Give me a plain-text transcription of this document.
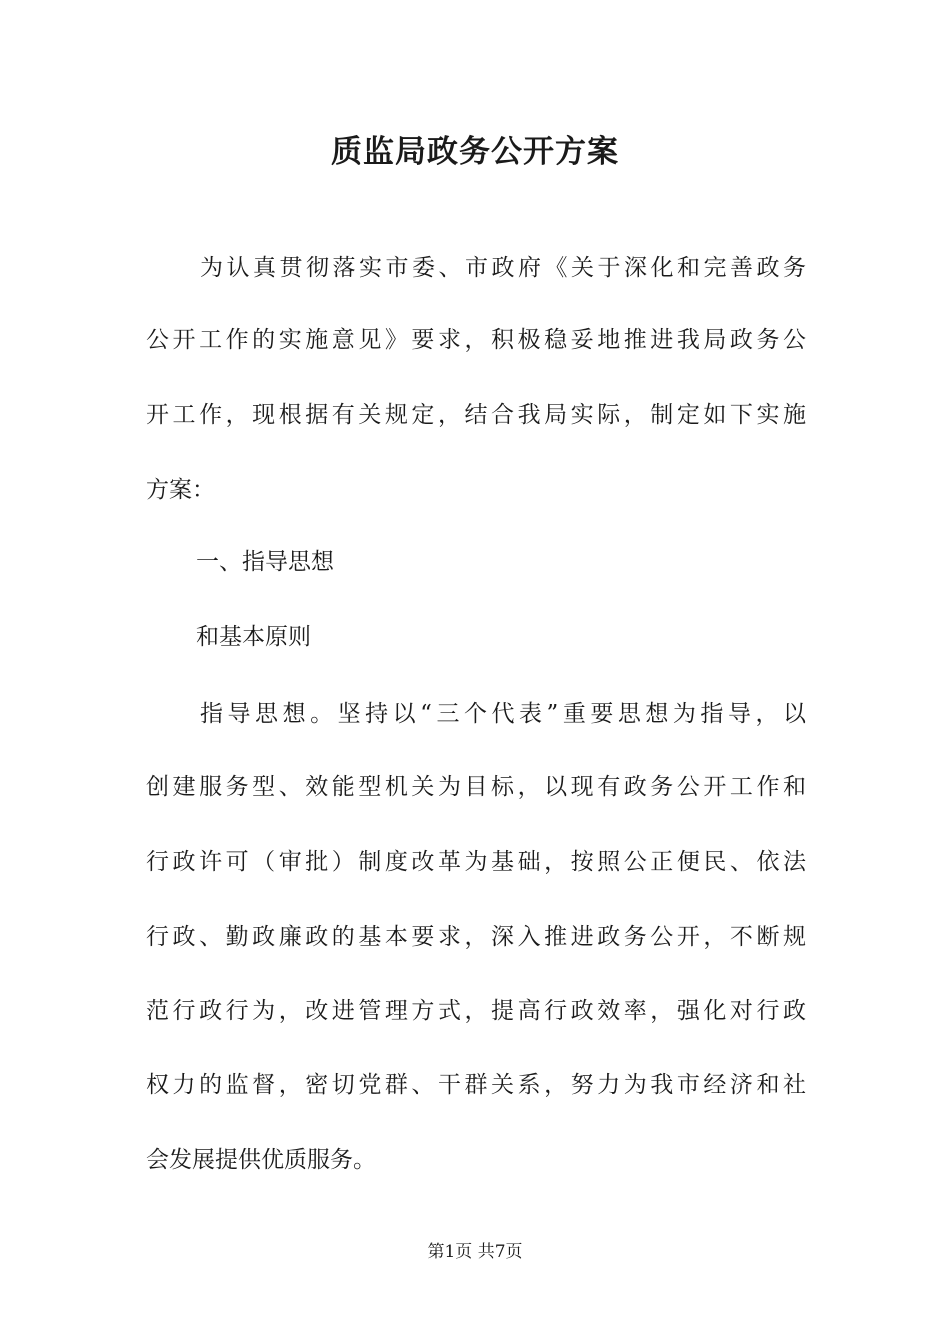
质监局政务公开方案

为认真贯彻落实市委、市政府《关于深化和完善政务

公开工作的实施意见》要求，积极稳妥地推进我局政务公

开工作，现根据有关规定，结合我局实际，制定如下实施

方案：

一、指导思想

和基本原则

指导思想。坚持以“三个代表”重要思想为指导，以

创建服务型、效能型机关为目标，以现有政务公开工作和

行政许可（审批）制度改革为基础，按照公正便民、依法

行政、勤政廉政的基本要求，深入推进政务公开，不断规

范行政行为，改进管理方式，提高行政效率，强化对行政

权力的监督，密切党群、干群关系，努力为我市经济和社

会发展提供优质服务。

第1页 共7页
